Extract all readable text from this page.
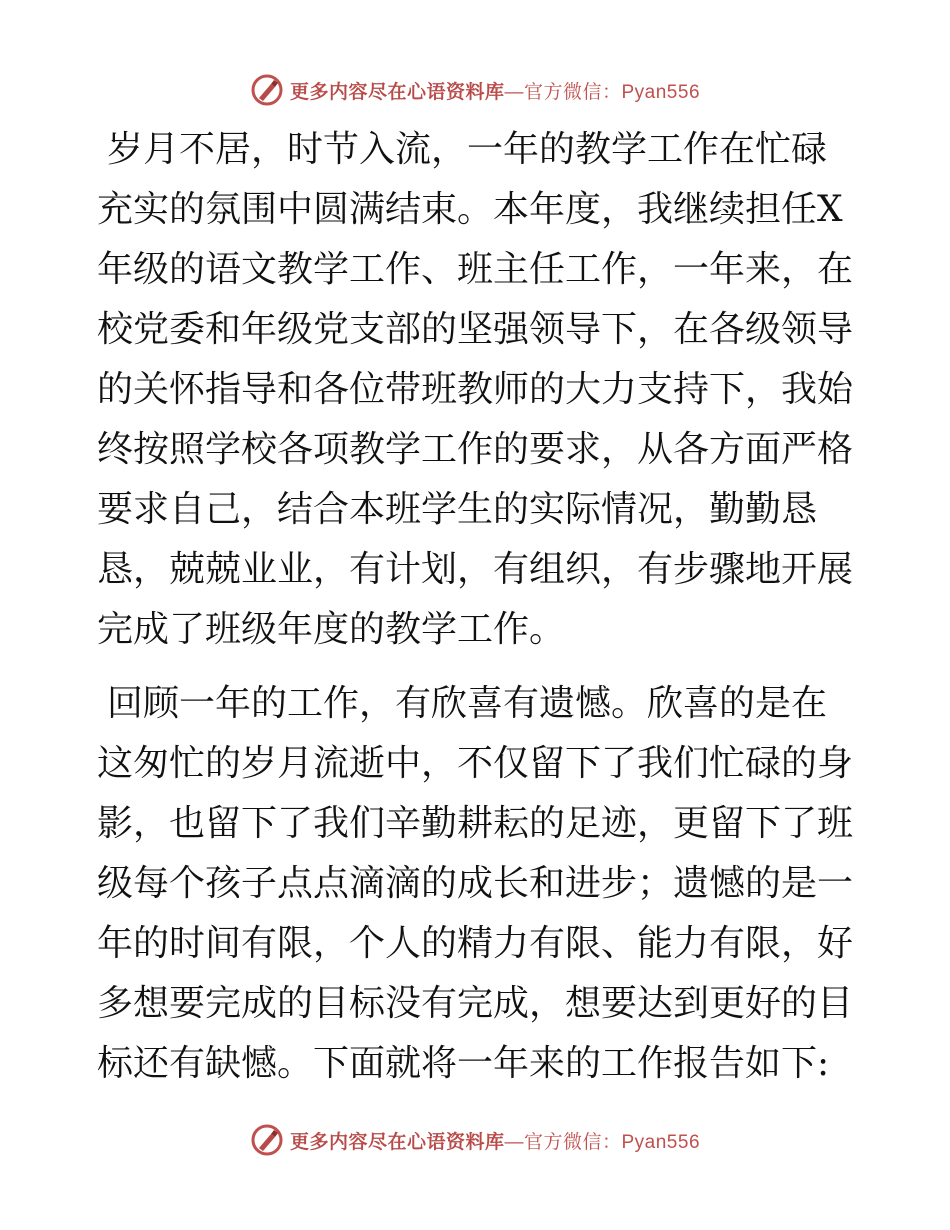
更多内容尽在心语资料库—官方微信：Pyan556

岁月不居，时节入流，一年的教学工作在忙碌充实的氛围中圆满结束。本年度，我继续担任X年级的语文教学工作、班主任工作，一年来，在校党委和年级党支部的坚强领导下，在各级领导的关怀指导和各位带班教师的大力支持下，我始终按照学校各项教学工作的要求，从各方面严格要求自己，结合本班学生的实际情况，勤勤恳恳，兢兢业业，有计划，有组织，有步骤地开展完成了班级年度的教学工作。

回顾一年的工作，有欣喜有遗憾。欣喜的是在这匆忙的岁月流逝中，不仅留下了我们忙碌的身影，也留下了我们辛勤耕耘的足迹，更留下了班级每个孩子点点滴滴的成长和进步；遗憾的是一年的时间有限，个人的精力有限、能力有限，好多想要完成的目标没有完成，想要达到更好的目标还有缺憾。下面就将一年来的工作报告如下:

更多内容尽在心语资料库—官方微信：Pyan556
